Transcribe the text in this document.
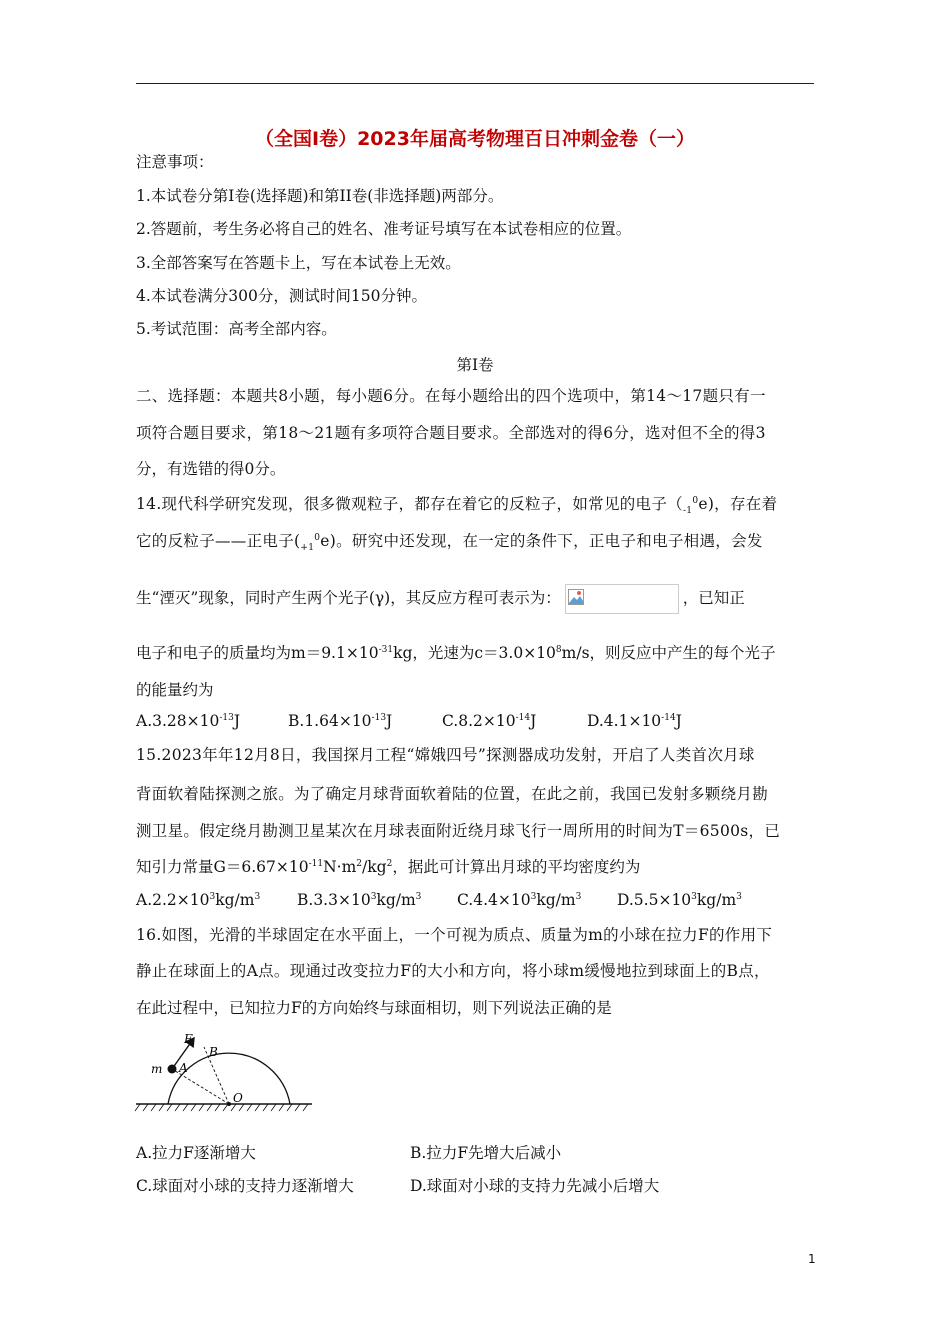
（全国Ⅰ卷）2023年届高考物理百日冲刺金卷（一）
注意事项：
1.本试卷分第Ⅰ卷(选择题)和第II卷(非选择题)两部分。
2.答题前，考生务必将自己的姓名、准考证号填写在本试卷相应的位置。
3.全部答案写在答题卡上，写在本试卷上无效。
4.本试卷满分300分，测试时间150分钟。
5.考试范围：高考全部内容。
第Ⅰ卷
二、选择题：本题共8小题，每小题6分。在每小题给出的四个选项中，第14～17题只有一
项符合题目要求，第18～21题有多项符合题目要求。全部选对的得6分，选对但不全的得3
分，有选错的得0分。
14.现代科学研究发现，很多微观粒子，都存在着它的反粒子，如常见的电子$(_{-1}^0e)$，存在着
它的反粒子——正电子$(_{+1}^0e)$。研究中还发现，在一定的条件下，正电子和电子相遇，会发
生“湮灭”现象，同时产生两个光子(γ)，其反应方程可表示为：	，已知正
电子和电子的质量均为$m=9.1\times 10^{-31}kg$，光速为$c=3.0\times 10^8m/s$，则反应中产生的每个光子
的能量约为
$A.3.28\times 10^{-13}J$	$B.1.64\times 10^{-13}J$	$C.8.2\times 10^{-14}J$	$D.4.1\times 10^{-14}J$
15.2023年年12月8日，我国探月工程“嫦娥四号”探测器成功发射，开启了人类首次月球
背面软着陆探测之旅。为了确定月球背面软着陆的位置，在此之前，我国已发射多颗绕月勘
测卫星。假定绕月勘测卫星某次在月球表面附近绕月球飞行一周所用的时间为T＝6500s，已
知引力常量$G=6.67\times 10^{-11}N\cdot m^2/kg^2$，据此可计算出月球的平均密度约为
$A.2.2\times 10^3kg/m^3$ $B.3.3\times 10^3kg/m^3$ $C.4.4\times 10^3kg/m^3$ $D.5.5\times 10^3kg/m^3$
16.如图，光滑的半球固定在水平面上，一个可视为质点、质量为m的小球在拉力F的作用下
静止在球面上的A点。现通过改变拉力F的大小和方向，将小球m缓慢地拉到球面上的B点，
在此过程中，已知拉力F的方向始终与球面相切，则下列说法正确的是
F
B
m A
O
A.拉力F逐渐增大	B.拉力F先增大后减小
C.球面对小球的支持力逐渐增大	D.球面对小球的支持力先减小后增大
1
